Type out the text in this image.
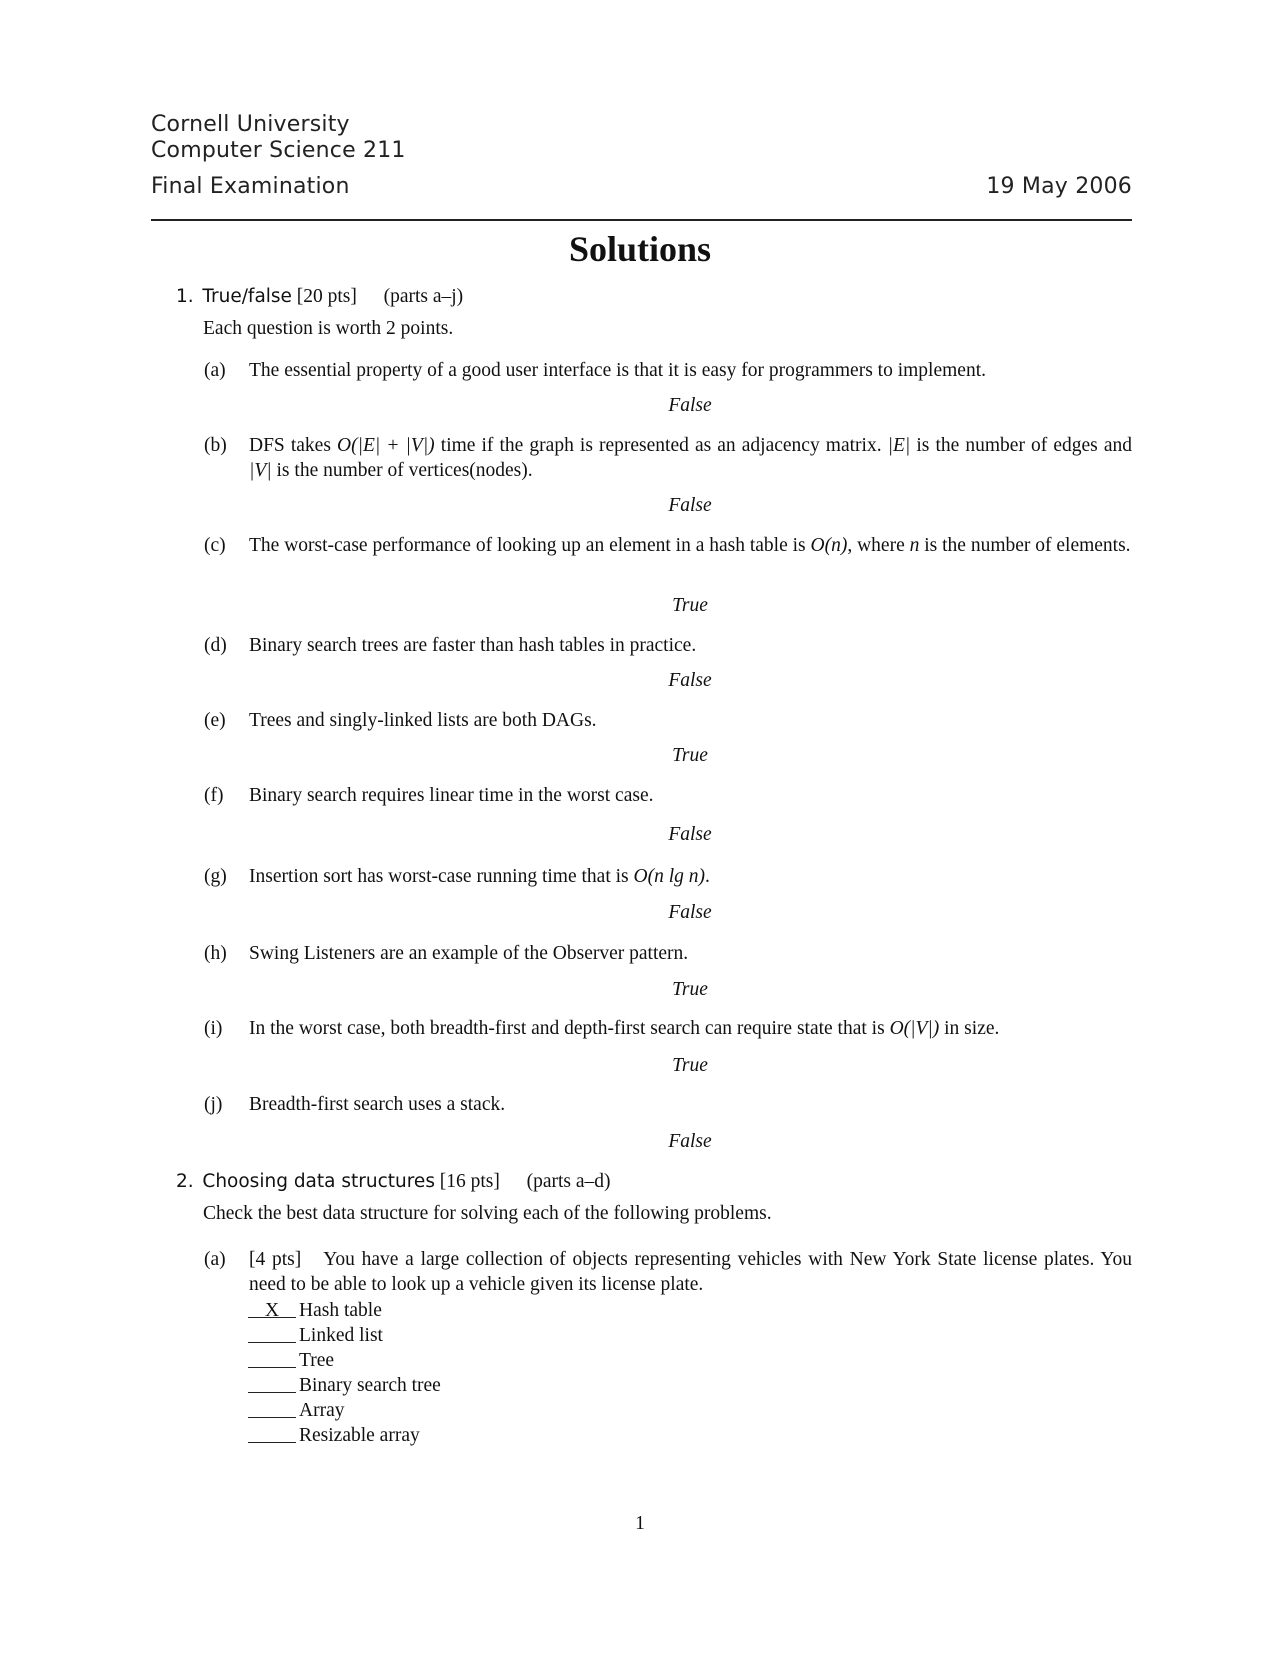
Cornell University
Computer Science 211
Final Examination	19 May 2006
Solutions
1. True/false [20 pts] (parts a–j)
Each question is worth 2 points.
(a)	The essential property of a good user interface is that it is easy for programmers to implement.
False
(b)	DFS takes O(|E| + |V|) time if the graph is represented as an adjacency matrix. |E| is the number of edges and |V| is the number of vertices(nodes).
False
(c)	The worst-case performance of looking up an element in a hash table is O(n), where n is the number of elements.
True
(d)	Binary search trees are faster than hash tables in practice.
False
(e)	Trees and singly-linked lists are both DAGs.
True
(f)	Binary search requires linear time in the worst case.
False
(g)	Insertion sort has worst-case running time that is O(n lg n).
False
(h)	Swing Listeners are an example of the Observer pattern.
True
(i)	In the worst case, both breadth-first and depth-first search can require state that is O(|V|) in size.
True
(j)	Breadth-first search uses a stack.
False
2. Choosing data structures [16 pts] (parts a–d)
Check the best data structure for solving each of the following problems.
(a)	[4 pts] You have a large collection of objects representing vehicles with New York State license plates. You need to be able to look up a vehicle given its license plate.
X Hash table
Linked list
Tree
Binary search tree
Array
Resizable array
1
